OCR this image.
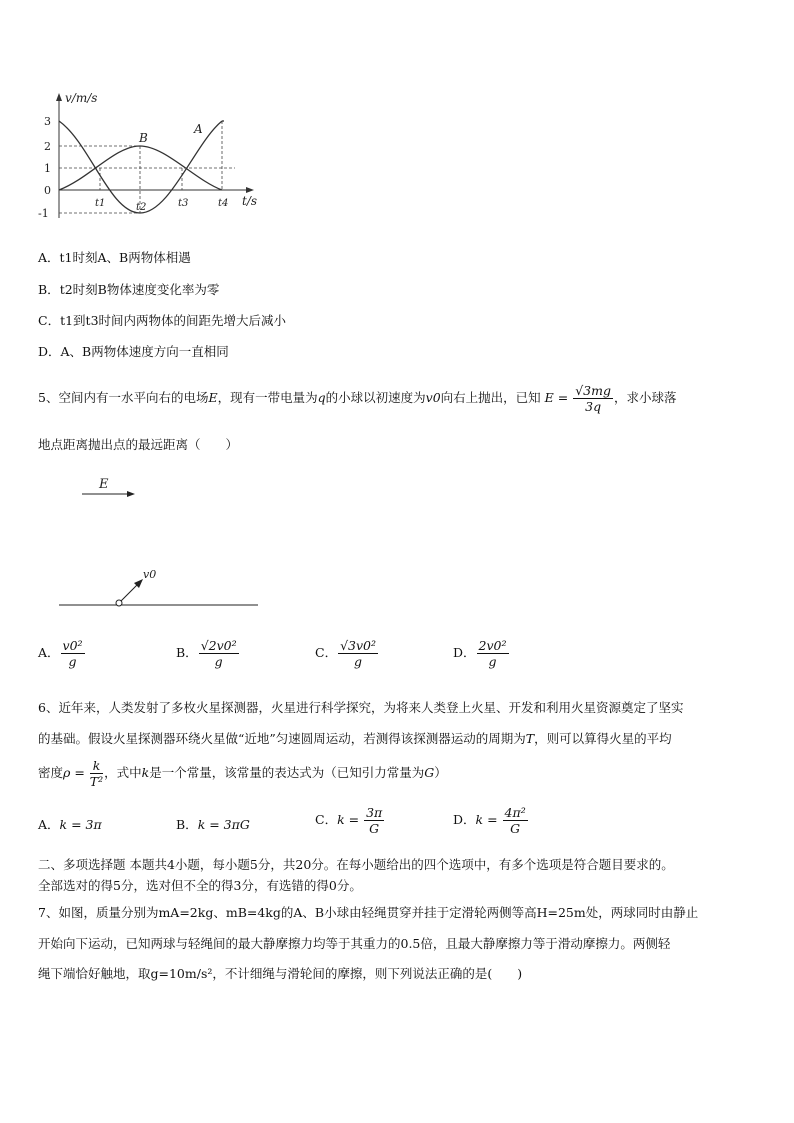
v/m/s
t/s
3
2
1
0
-1
t1	t2	t3	t4
A
B
A．t1时刻A、B两物体相遇
B．t2时刻B物体速度变化率为零
C．t1到t3时间内两物体的间距先增大后减小
D．A、B两物体速度方向一直相同
5、空间内有一水平向右的电场E，现有一带电量为q的小球以初速度为v0向右上抛出，已知 $E = \frac{√3mg}{3q}$ ，求小球落
地点距离抛出点的最远距离（　　）
E
v0
A． $\frac{\text{v0²}}{g}$	B． $\frac{\text{√2v0²}}{g}$	C． $\frac{\text{√3v0²}}{g}$	D． $\frac{\text{2v0²}}{g}$
6、近年来，人类发射了多枚火星探测器，火星进行科学探究，为将来人类登上火星、开发和利用火星资源奠定了坚实
的基础。假设火星探测器环绕火星做“近地”匀速圆周运动，若测得该探测器运动的周期为T，则可以算得火星的平均
密度$\rho = \frac{k}{\text{T²}}$ ，式中k是一个常量，该常量的表达式为（已知引力常量为G）
A．k = 3π	B．k = 3πG	C．$k = \frac{3\pi}{G}$	D．$k = \frac{\text{4π²}}{G}$
二、多项选择题 本题共4小题，每小题5分，共20分。在每小题给出的四个选项中，有多个选项是符合题目要求的。
全部选对的得5分，选对但不全的得3分，有选错的得0分。
7、如图，质量分别为mA=2kg、mB=4kg的A、B小球由轻绳贯穿并挂于定滑轮两侧等高H=25m处，两球同时由静止
开始向下运动，已知两球与轻绳间的最大静摩擦力均等于其重力的0.5倍，且最大静摩擦力等于滑动摩擦力。两侧轻
绳下端恰好触地，取g=10m/s²，不计细绳与滑轮间的摩擦，则下列说法正确的是(　　)
